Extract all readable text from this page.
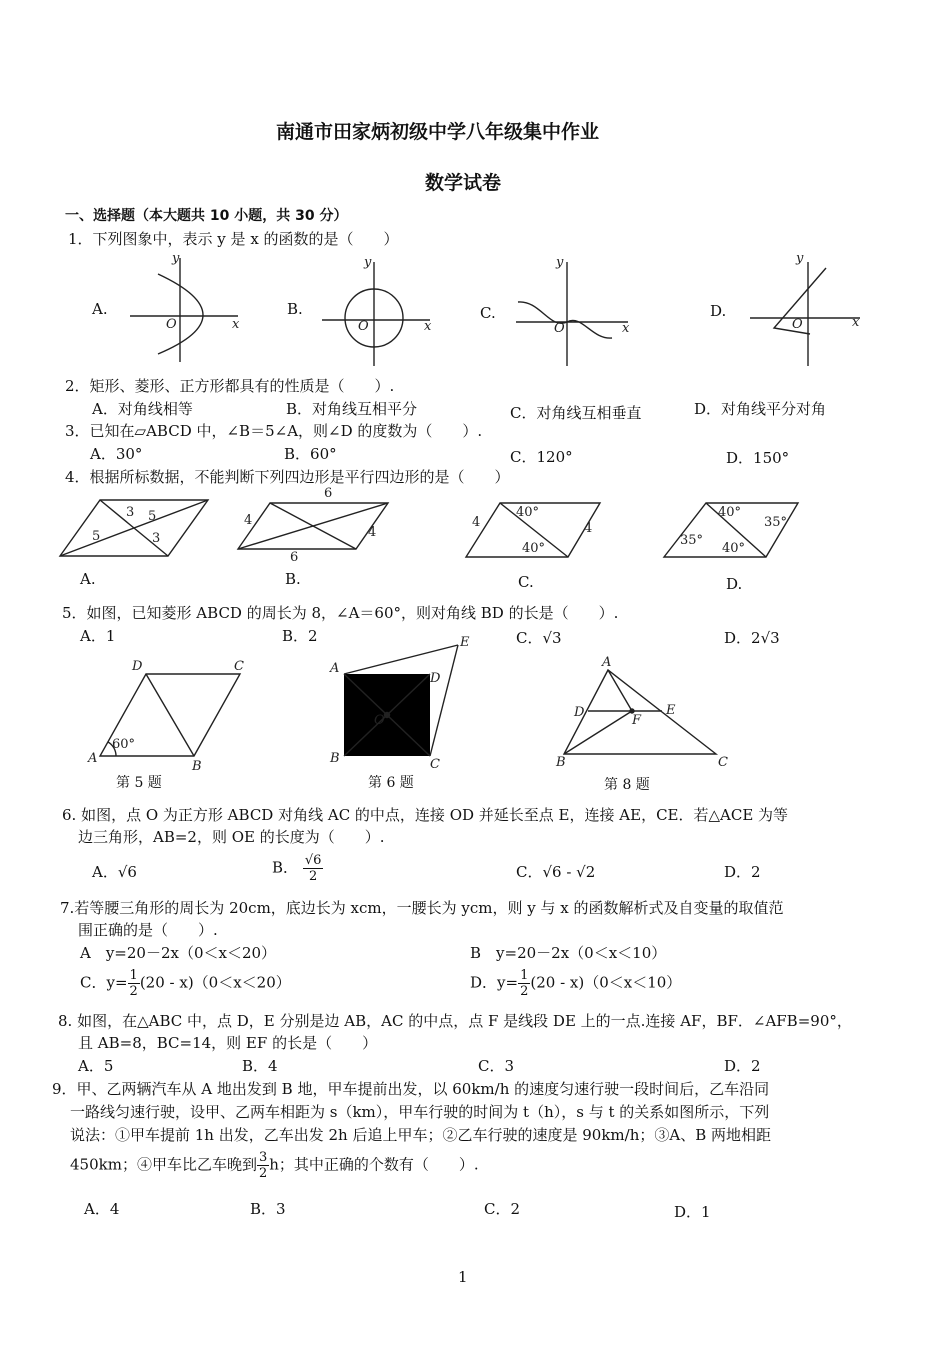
南通市田家炳初级中学八年级集中作业
数学试卷
一、选择题（本大题共 10 小题，共 30 分）
1．下列图象中，表示 y 是 x 的函数的是（　　）
A.	B.	C.	D.
y
x
O
y
x
O
y
x
O
y
x
O
2．矩形、菱形、正方形都具有的性质是（　　）.
A．对角线相等	B．对角线互相平分	C．对角线互相垂直	D．对角线平分对角
3．已知在▱ABCD 中，∠B＝5∠A，则∠D 的度数为（　　）.
A．30°	B．60°	C．120°	D．150°
4．根据所标数据，不能判断下列四边形是平行四边形的是（　　）
3 5
5	3
6
4
4
6
40°
4	4
40°
40°
35°
35°
40°
A.	B.	C.	D.
5．如图，已知菱形 ABCD 的周长为 8，∠A＝60°，则对角线 BD 的长是（　　）.
A．1	B．2	C．√3	D．2√3
D	C
A
B
60°
A
D
E
O
B	C
A
D	E
F
B	C
第 5 题	第 6 题	第 8 题
6. 如图，点 O 为正方形 ABCD 对角线 AC 的中点，连接 OD 并延长至点 E，连接 AE，CE．若△ACE 为等
边三角形，AB=2，则 OE 的长度为（　　）.
A．√6	B． $\frac{√6}{2}$	C．√6 - √2	D．2
7.若等腰三角形的周长为 20cm，底边长为 xcm，一腰长为 ycm，则 y 与 x 的函数解析式及自变量的取值范
围正确的是（　　）.
A　y=20－2x（0＜x＜20）	B　y=20－2x（0＜x＜10）
C．$y= \frac{1}{2} (20 - x)(0<x<20)$	D．$y= \frac{1}{2} (20 - x)(0<x<10)$
8. 如图，在△ABC 中，点 D，E 分别是边 AB，AC 的中点，点 F 是线段 DE 上的一点.连接 AF，BF．∠AFB=90°，
且 AB=8，BC=14，则 EF 的长是（　　）
A．5	B．4	C．3	D．2
9．甲、乙两辆汽车从 A 地出发到 B 地，甲车提前出发，以 60km/h 的速度匀速行驶一段时间后，乙车沿同
一路线匀速行驶，设甲、乙两车相距为 s（km），甲车行驶的时间为 t（h），s 与 t 的关系如图所示，下列
说法：①甲车提前 1h 出发，乙车出发 2h 后追上甲车；②乙车行驶的速度是 90km/h；③A、B 两地相距
450km；④甲车比乙车晚到 $\frac{3}{2}$ h；其中正确的个数有（　　）.
A．4	B．3	C．2	D．1
1
